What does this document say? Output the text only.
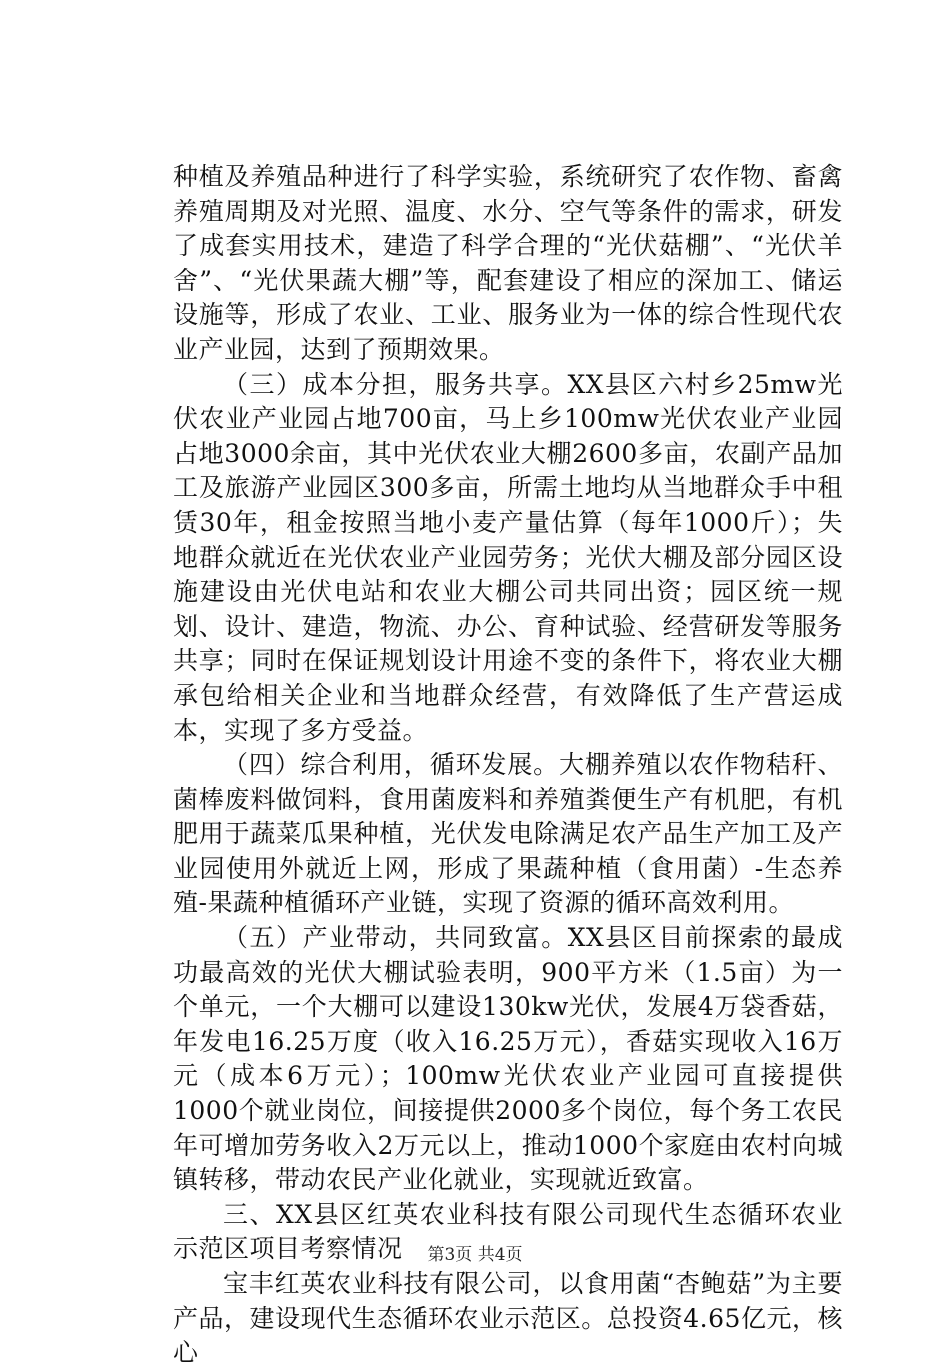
种植及养殖品种进行了科学实验，系统研究了农作物、畜禽养殖周期及对光照、温度、水分、空气等条件的需求，研发了成套实用技术，建造了科学合理的“光伏菇棚”、“光伏羊舍”、“光伏果蔬大棚”等，配套建设了相应的深加工、储运设施等，形成了农业、工业、服务业为一体的综合性现代农业产业园，达到了预期效果。

（三）成本分担，服务共享。XX县区六村乡25mw光伏农业产业园占地700亩，马上乡100mw光伏农业产业园占地3000余亩，其中光伏农业大棚2600多亩，农副产品加工及旅游产业园区300多亩，所需土地均从当地群众手中租赁30年，租金按照当地小麦产量估算（每年1000斤）；失地群众就近在光伏农业产业园劳务；光伏大棚及部分园区设施建设由光伏电站和农业大棚公司共同出资；园区统一规划、设计、建造，物流、办公、育种试验、经营研发等服务共享；同时在保证规划设计用途不变的条件下，将农业大棚承包给相关企业和当地群众经营，有效降低了生产营运成本，实现了多方受益。

（四）综合利用，循环发展。大棚养殖以农作物秸秆、菌棒废料做饲料，食用菌废料和养殖粪便生产有机肥，有机肥用于蔬菜瓜果种植，光伏发电除满足农产品生产加工及产业园使用外就近上网，形成了果蔬种植（食用菌）-生态养殖-果蔬种植循环产业链，实现了资源的循环高效利用。

（五）产业带动，共同致富。XX县区目前探索的最成功最高效的光伏大棚试验表明，900平方米（1.5亩）为一个单元，一个大棚可以建设130kw光伏，发展4万袋香菇，年发电16.25万度（收入16.25万元），香菇实现收入16万元（成本6万元）；100mw光伏农业产业园可直接提供1000个就业岗位，间接提供2000多个岗位，每个务工农民年可增加劳务收入2万元以上，推动1000个家庭由农村向城镇转移，带动农民产业化就业，实现就近致富。

三、XX县区红英农业科技有限公司现代生态循环农业示范区项目考察情况

宝丰红英农业科技有限公司，以食用菌“杏鲍菇”为主要产品，建设现代生态循环农业示范区。总投资4.65亿元，核心

第3页 共4页
